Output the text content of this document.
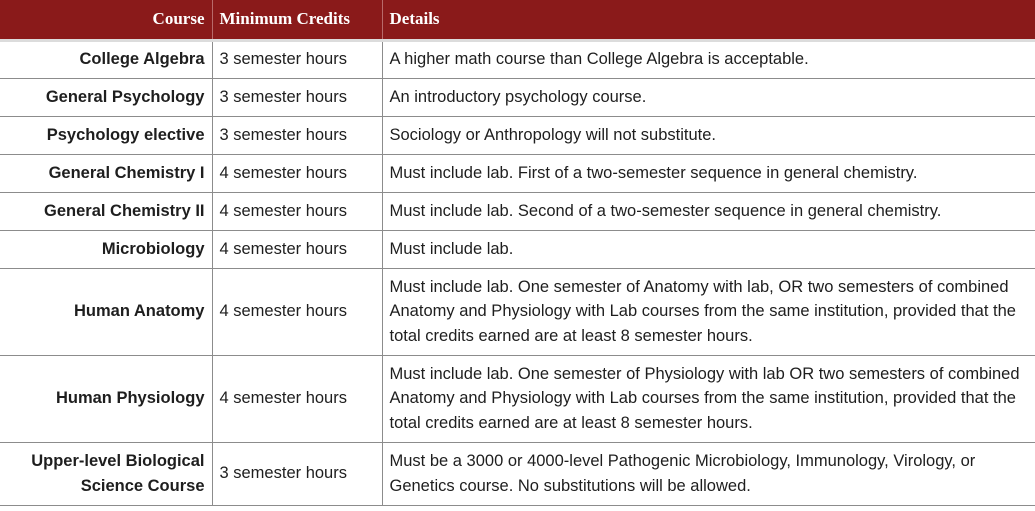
Course	Minimum Credits	Details
College Algebra	3 semester hours	A higher math course than College Algebra is acceptable.
General Psychology	3 semester hours	An introductory psychology course.
Psychology elective	3 semester hours	Sociology or Anthropology will not substitute.
General Chemistry I	4 semester hours	Must include lab. First of a two-semester sequence in general chemistry.
General Chemistry II	4 semester hours	Must include lab. Second of a two-semester sequence in general chemistry.
Microbiology	4 semester hours	Must include lab.
Human Anatomy	4 semester hours	Must include lab. One semester of Anatomy with lab, OR two semesters of combined Anatomy and Physiology with Lab courses from the same institution, provided that the total credits earned are at least 8 semester hours.
Human Physiology	4 semester hours	Must include lab. One semester of Physiology with lab OR two semesters of combined Anatomy and Physiology with Lab courses from the same institution, provided that the total credits earned are at least 8 semester hours.
Upper-level Biological Science Course	3 semester hours	Must be a 3000 or 4000-level Pathogenic Microbiology, Immunology, Virology, or Genetics course. No substitutions will be allowed.
